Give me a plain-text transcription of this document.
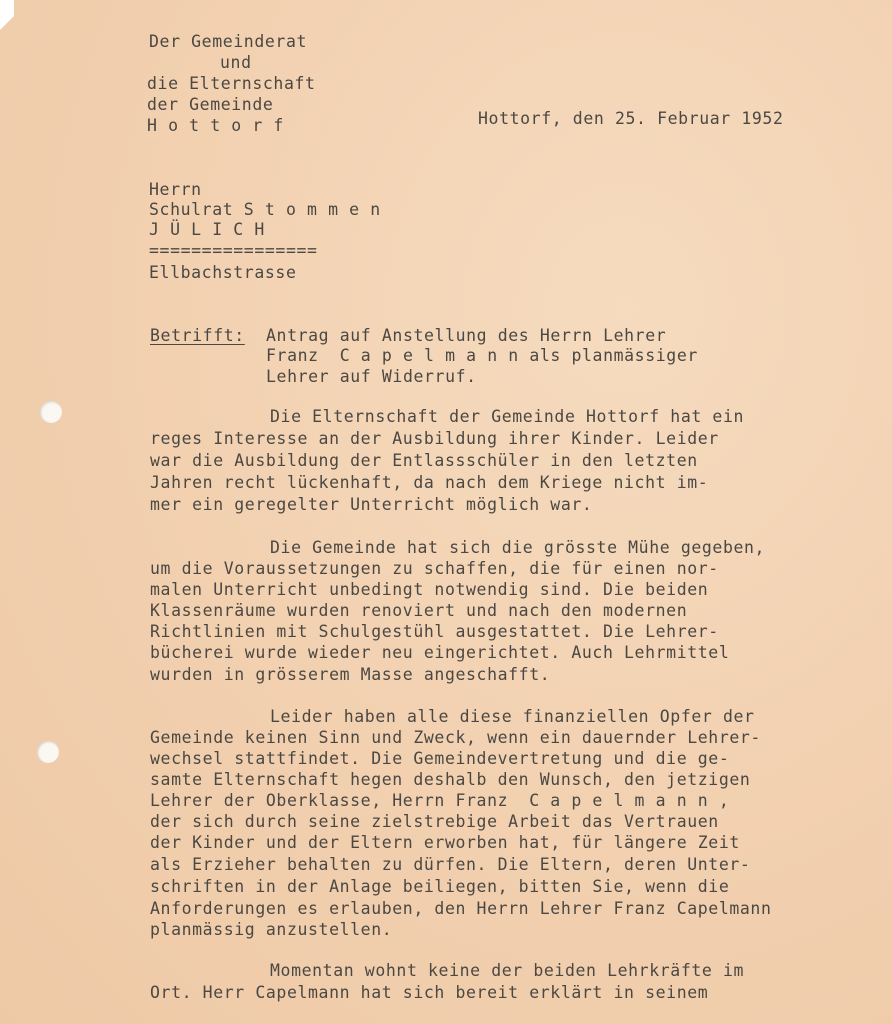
Der Gemeinderat
und
die Elternschaft
der Gemeinde
H o t t o r f	Hottorf, den 25. Februar 1952
Herrn
Schulrat S t o m m e n
J Ü L I C H
================
Ellbachstrasse
Betrifft: Antrag auf Anstellung des Herrn Lehrer
Franz  C a p e l m a n n als planmässiger
Lehrer auf Widerruf.
Die Elternschaft der Gemeinde Hottorf hat ein
reges Interesse an der Ausbildung ihrer Kinder. Leider
war die Ausbildung der Entlassschüler in den letzten
Jahren recht lückenhaft, da nach dem Kriege nicht im-
mer ein geregelter Unterricht möglich war.
Die Gemeinde hat sich die grösste Mühe gegeben,
um die Voraussetzungen zu schaffen, die für einen nor-
malen Unterricht unbedingt notwendig sind. Die beiden
Klassenräume wurden renoviert und nach den modernen
Richtlinien mit Schulgestühl ausgestattet. Die Lehrer-
bücherei wurde wieder neu eingerichtet. Auch Lehrmittel
wurden in grösserem Masse angeschafft.
Leider haben alle diese finanziellen Opfer der
Gemeinde keinen Sinn und Zweck, wenn ein dauernder Lehrer-
wechsel stattfindet. Die Gemeindevertretung und die ge-
samte Elternschaft hegen deshalb den Wunsch, den jetzigen
Lehrer der Oberklasse, Herrn Franz  C a p e l m a n n ,
der sich durch seine zielstrebige Arbeit das Vertrauen
der Kinder und der Eltern erworben hat, für längere Zeit
als Erzieher behalten zu dürfen. Die Eltern, deren Unter-
schriften in der Anlage beiliegen, bitten Sie, wenn die
Anforderungen es erlauben, den Herrn Lehrer Franz Capelmann
planmässig anzustellen.
Momentan wohnt keine der beiden Lehrkräfte im
Ort. Herr Capelmann hat sich bereit erklärt in seinem
